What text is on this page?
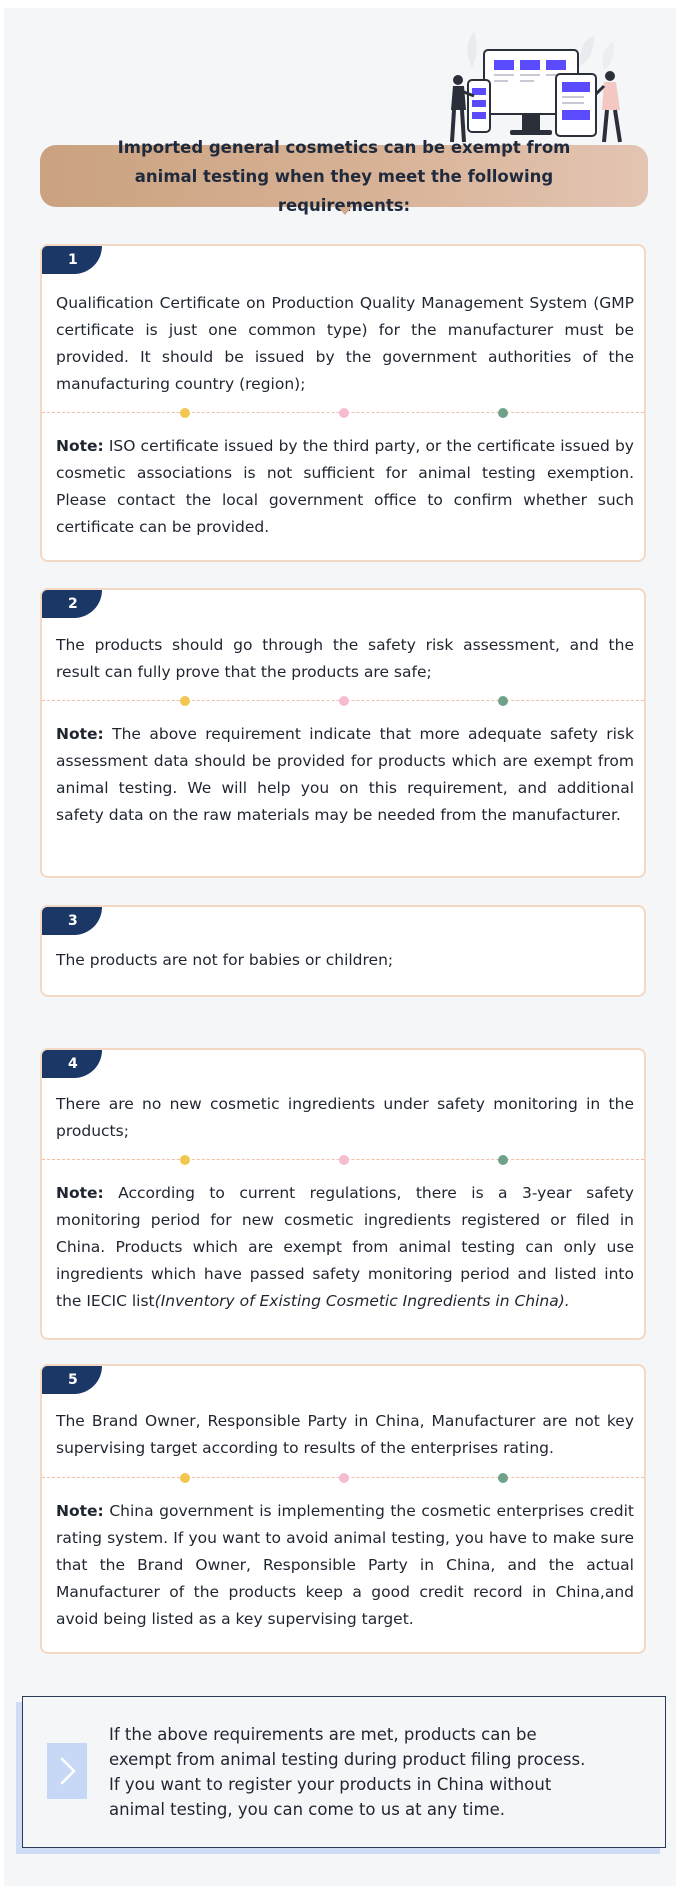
Imported general cosmetics can be exempt from animal testing when they meet the following requirements:
1

Qualification Certificate on Production Quality Management System (GMP certificate is just one common type) for the manufacturer must be provided. It should be issued by the government authorities of the manufacturing country (region);

Note: ISO certificate issued by the third party, or the certificate issued by cosmetic associations is not sufficient for animal testing exemption. Please contact the local government office to confirm whether such certificate can be provided.

2

The products should go through the safety risk assessment, and the result can fully prove that the products are safe;

Note: The above requirement indicate that more adequate safety risk assessment data should be provided for products which are exempt from animal testing. We will help you on this requirement, and additional safety data on the raw materials may be needed from the manufacturer.

3

The products are not for babies or children;

4

There are no new cosmetic ingredients under safety monitoring in the products;

Note: According to current regulations, there is a 3-year safety monitoring period for new cosmetic ingredients registered or filed in China. Products which are exempt from animal testing can only use ingredients which have passed safety monitoring period and listed into the IECIC list(Inventory of Existing Cosmetic Ingredients in China).

5

The Brand Owner, Responsible Party in China, Manufacturer are not key supervising target according to results of the enterprises rating.

Note: China government is implementing the cosmetic enterprises credit rating system. If you want to avoid animal testing, you have to make sure that the Brand Owner, Responsible Party in China, and the actual Manufacturer of the products keep a good credit record in China,and avoid being listed as a key supervising target.

If the above requirements are met, products can be
exempt from animal testing during product filing process.
If you want to register your products in China without
animal testing, you can come to us at any time.
